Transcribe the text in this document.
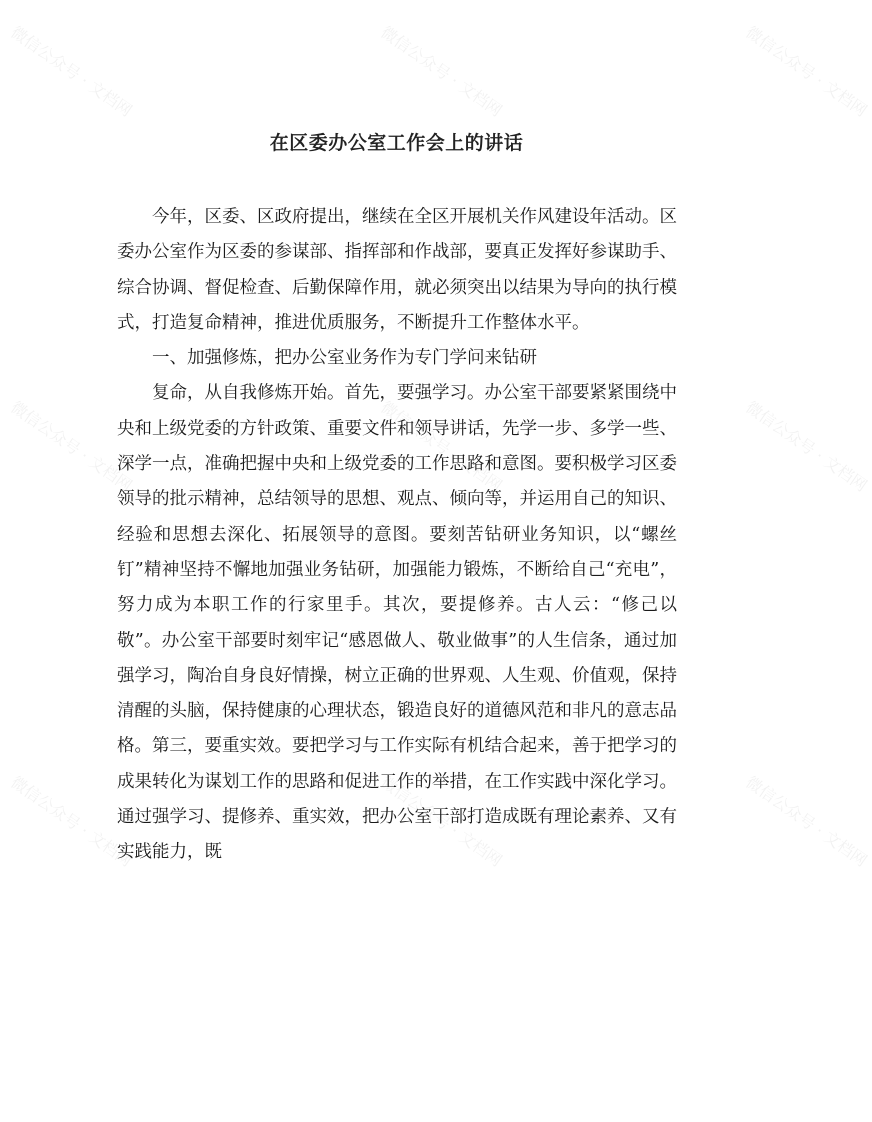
微信公众号 · 文档网	微信公众号 · 文档网	微信公众号 · 文档网
微信公众号 · 文档网	微信公众号 · 文档网	微信公众号 · 文档网
微信公众号 · 文档网	微信公众号 · 文档网	微信公众号 · 文档网
在区委办公室工作会上的讲话

今年，区委、区政府提出，继续在全区开展机关作风建设年活动。区委办公室作为区委的参谋部、指挥部和作战部，要真正发挥好参谋助手、综合协调、督促检查、后勤保障作用，就必须突出以结果为导向的执行模式，打造复命精神，推进优质服务，不断提升工作整体水平。

一、加强修炼，把办公室业务作为专门学问来钻研

复命，从自我修炼开始。首先，要强学习。办公室干部要紧紧围绕中央和上级党委的方针政策、重要文件和领导讲话，先学一步、多学一些、深学一点，准确把握中央和上级党委的工作思路和意图。要积极学习区委领导的批示精神，总结领导的思想、观点、倾向等，并运用自己的知识、经验和思想去深化、拓展领导的意图。要刻苦钻研业务知识，以“螺丝钉”精神坚持不懈地加强业务钻研，加强能力锻炼，不断给自己“充电”，努力成为本职工作的行家里手。其次，要提修养。古人云：“修己以敬”。办公室干部要时刻牢记“感恩做人、敬业做事”的人生信条，通过加强学习，陶冶自身良好情操，树立正确的世界观、人生观、价值观，保持清醒的头脑，保持健康的心理状态，锻造良好的道德风范和非凡的意志品格。第三，要重实效。要把学习与工作实际有机结合起来，善于把学习的成果转化为谋划工作的思路和促进工作的举措，在工作实践中深化学习。通过强学习、提修养、重实效，把办公室干部打造成既有理论素养、又有实践能力，既
